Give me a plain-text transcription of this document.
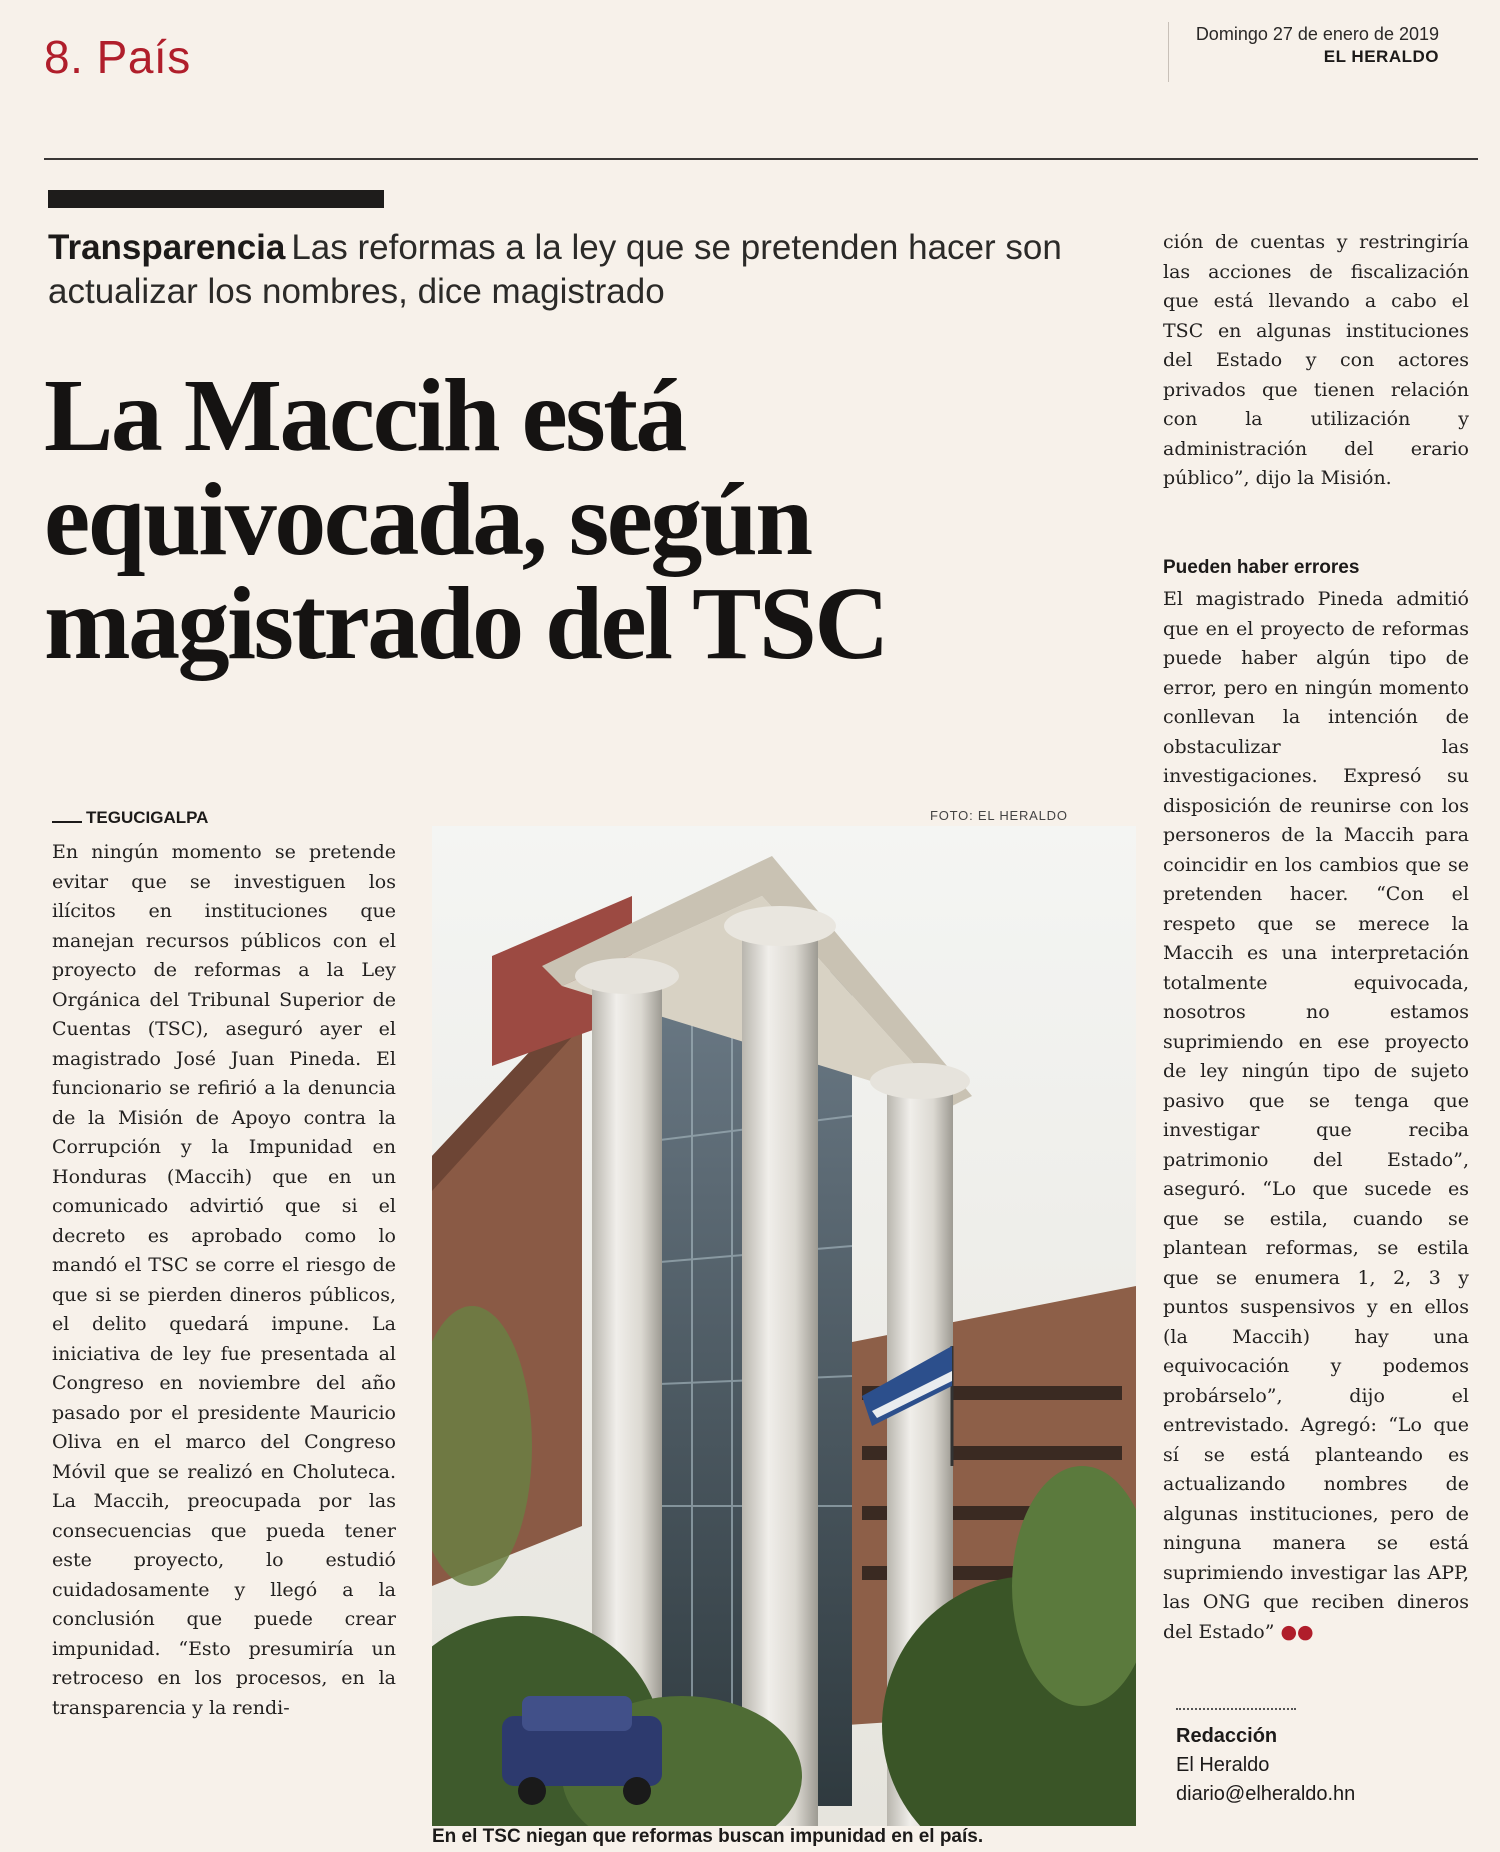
8. País	Domingo 27 de enero de 2019
EL HERALDO
Transparencia Las reformas a la ley que se pretenden hacer son actualizar los nombres, dice magistrado
La Maccih está
equivocada, según
magistrado del TSC
TEGUCIGALPA
En ningún momento se pretende evitar que se investiguen los ilícitos en instituciones que manejan recursos públicos con el proyecto de reformas a la Ley Orgánica del Tribunal Superior de Cuentas (TSC), aseguró ayer el magistrado José Juan Pineda. El funcionario se refirió a la denuncia de la Misión de Apoyo contra la Corrupción y la Impunidad en Honduras (Maccih) que en un comunicado advirtió que si el decreto es aprobado como lo mandó el TSC se corre el riesgo de que si se pierden dineros públicos, el delito quedará impune. La iniciativa de ley fue presentada al Congreso en noviembre del año pasado por el presidente Mauricio Oliva en el marco del Congreso Móvil que se realizó en Choluteca. La Maccih, preocupada por las consecuencias que pueda tener este proyecto, lo estudió cuidadosamente y llegó a la conclusión que puede crear impunidad. “Esto presumiría un retroceso en los procesos, en la transparencia y la rendi-
FOTO: EL HERALDO
En el TSC niegan que reformas buscan impunidad en el país.
ción de cuentas y restringiría las acciones de fiscalización que está llevando a cabo el TSC en algunas instituciones del Estado y con actores privados que tienen relación con la utilización y administración del erario público”, dijo la Misión.
Pueden haber errores
El magistrado Pineda admitió que en el proyecto de reformas puede haber algún tipo de error, pero en ningún momento conllevan la intención de obstaculizar las investigaciones. Expresó su disposición de reunirse con los personeros de la Maccih para coincidir en los cambios que se pretenden hacer. “Con el respeto que se merece la Maccih es una interpretación totalmente equivocada, nosotros no estamos suprimiendo en ese proyecto de ley ningún tipo de sujeto pasivo que se tenga que investigar que reciba patrimonio del Estado”, aseguró. “Lo que sucede es que se estila, cuando se plantean reformas, se estila que se enumera 1, 2, 3 y puntos suspensivos y en ellos (la Maccih) hay una equivocación y podemos probárselo”, dijo el entrevistado. Agregó: “Lo que sí se está planteando es actualizando nombres de algunas instituciones, pero de ninguna manera se está suprimiendo investigar las APP, las ONG que reciben dineros del Estado” ●●
Redacción
El Heraldo
diario@elheraldo.hn
